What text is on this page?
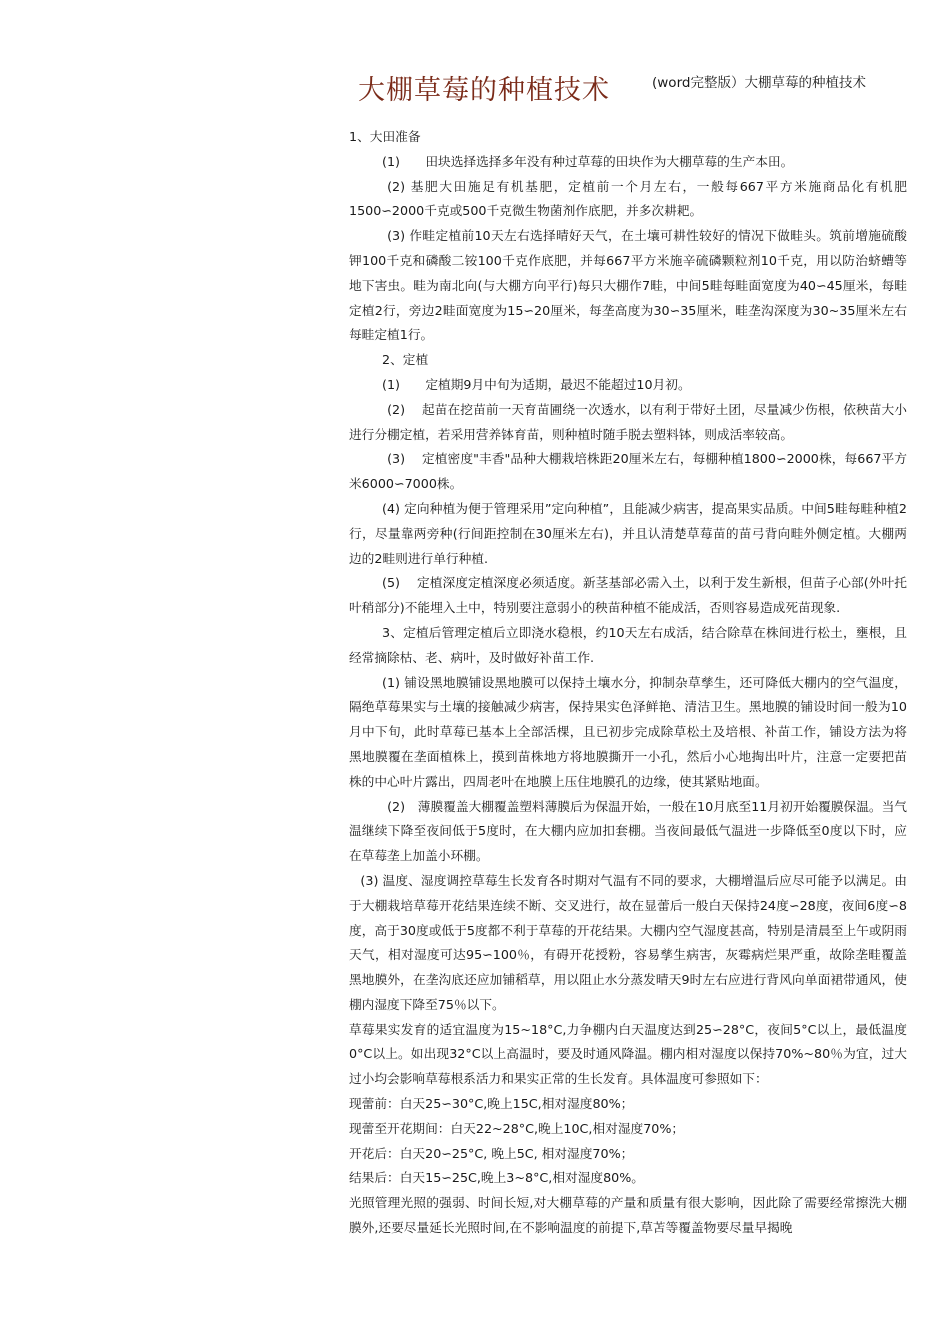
大棚草莓的种植技术	(word完整版）大棚草莓的种植技术

1、大田准备

(1)　　田块选择选择多年没有种过草莓的田块作为大棚草莓的生产本田。

(2) 基肥大田施足有机基肥，定植前一个月左右，一般每667平方米施商品化有机肥1500∽2000千克或500千克微生物菌剂作底肥，并多次耕耙。

(3) 作畦定植前10天左右选择晴好天气，在土壤可耕性较好的情况下做畦头。筑前增施硫酸钾100千克和磷酸二铵100千克作底肥，并每667平方米施辛硫磷颗粒剂10千克，用以防治蛴螬等地下害虫。畦为南北向(与大棚方向平行)每只大棚作7畦，中间5畦每畦面宽度为40∽45厘米，每畦定植2行，旁边2畦面宽度为15∽20厘米，每垄高度为30∽35厘米，畦垄沟深度为30~35厘米左右每畦定植1行。

2、定植

(1)　　定植期9月中旬为适期，最迟不能超过10月初。

(2)　 起苗在挖苗前一天育苗圃绕一次透水，以有利于带好土团，尽量减少伤根，依秧苗大小进行分棚定植，若采用营养钵育苗，则种植时随手脱去塑料钵，则成活率较高。

(3)　 定植密度"丰香"品种大棚栽培株距20厘米左右，每棚种植1800∽2000株，每667平方米6000∽7000株。

(4) 定向种植为便于管理采用”定向种植”，且能减少病害，提高果实品质。中间5畦每畦种植2行，尽量靠两旁种(行间距控制在30厘米左右)，并且认清楚草莓苗的苗弓背向畦外侧定植。大棚两边的2畦则进行单行种植.

(5)　 定植深度定植深度必须适度。新茎基部必需入土，以利于发生新根，但苗子心部(外叶托叶稍部分)不能埋入土中，特别要注意弱小的秧苗种植不能成活，否则容易造成死苗现象.

3、定植后管理定植后立即浇水稳根，约10天左右成活，结合除草在株间进行松土，壅根，且经常摘除枯、老、病叶，及时做好补苗工作.

(1) 铺设黑地膜铺设黑地膜可以保持土壤水分，抑制杂草孳生，还可降低大棚内的空气温度，隔绝草莓果实与土壤的接触减少病害，保持果实色泽鲜艳、清洁卫生。黑地膜的铺设时间一般为10月中下旬，此时草莓已基本上全部活棵，且已初步完成除草松土及培根、补苗工作，铺设方法为将黑地膜覆在垄面植株上，摸到苗株地方将地膜撕开一小孔，然后小心地掏出叶片，注意一定要把苗株的中心叶片露出，四周老叶在地膜上压住地膜孔的边缘，使其紧贴地面。

(2)　薄膜覆盖大棚覆盖塑料薄膜后为保温开始，一般在10月底至11月初开始覆膜保温。当气温继续下降至夜间低于5度时，在大棚内应加扣套棚。当夜间最低气温进一步降低至0度以下时，应在草莓垄上加盖小环棚。

(3) 温度、湿度调控草莓生长发育各时期对气温有不同的要求，大棚增温后应尽可能予以满足。由于大棚栽培草莓开花结果连续不断、交叉进行，故在显蕾后一般白天保持24度∽28度，夜间6度∽8度，高于30度或低于5度都不利于草莓的开花结果。大棚内空气湿度甚高，特别是清晨至上午或阴雨天气，相对湿度可达95∽100％，有碍开花授粉，容易孳生病害，灰霉病烂果严重，故除垄畦覆盖黑地膜外，在垄沟底还应加铺稻草，用以阻止水分蒸发晴天9时左右应进行背风向单面裙带通风，使棚内湿度下降至75％以下。

草莓果实发育的适宜温度为15~18°C,力争棚内白天温度达到25∽28°C，夜间5°C以上，最低温度0°C以上。如出现32°C以上高温时，要及时通风降温。棚内相对湿度以保持70%~80％为宜，过大过小均会影响草莓根系活力和果实正常的生长发育。具体温度可参照如下：

现蕾前：白天25∽30°C,晚上15C,相对湿度80%；

现蕾至开花期间：白天22~28°C,晚上10C,相对湿度70%；

开花后：白天20∽25°C, 晚上5C, 相对湿度70%；

结果后：白天15∽25C,晚上3~8°C,相对湿度80%。

光照管理光照的强弱、时间长短,对大棚草莓的产量和质量有很大影响，因此除了需要经常擦洗大棚膜外,还要尽量延长光照时间,在不影响温度的前提下,草苫等覆盖物要尽量早揭晚
